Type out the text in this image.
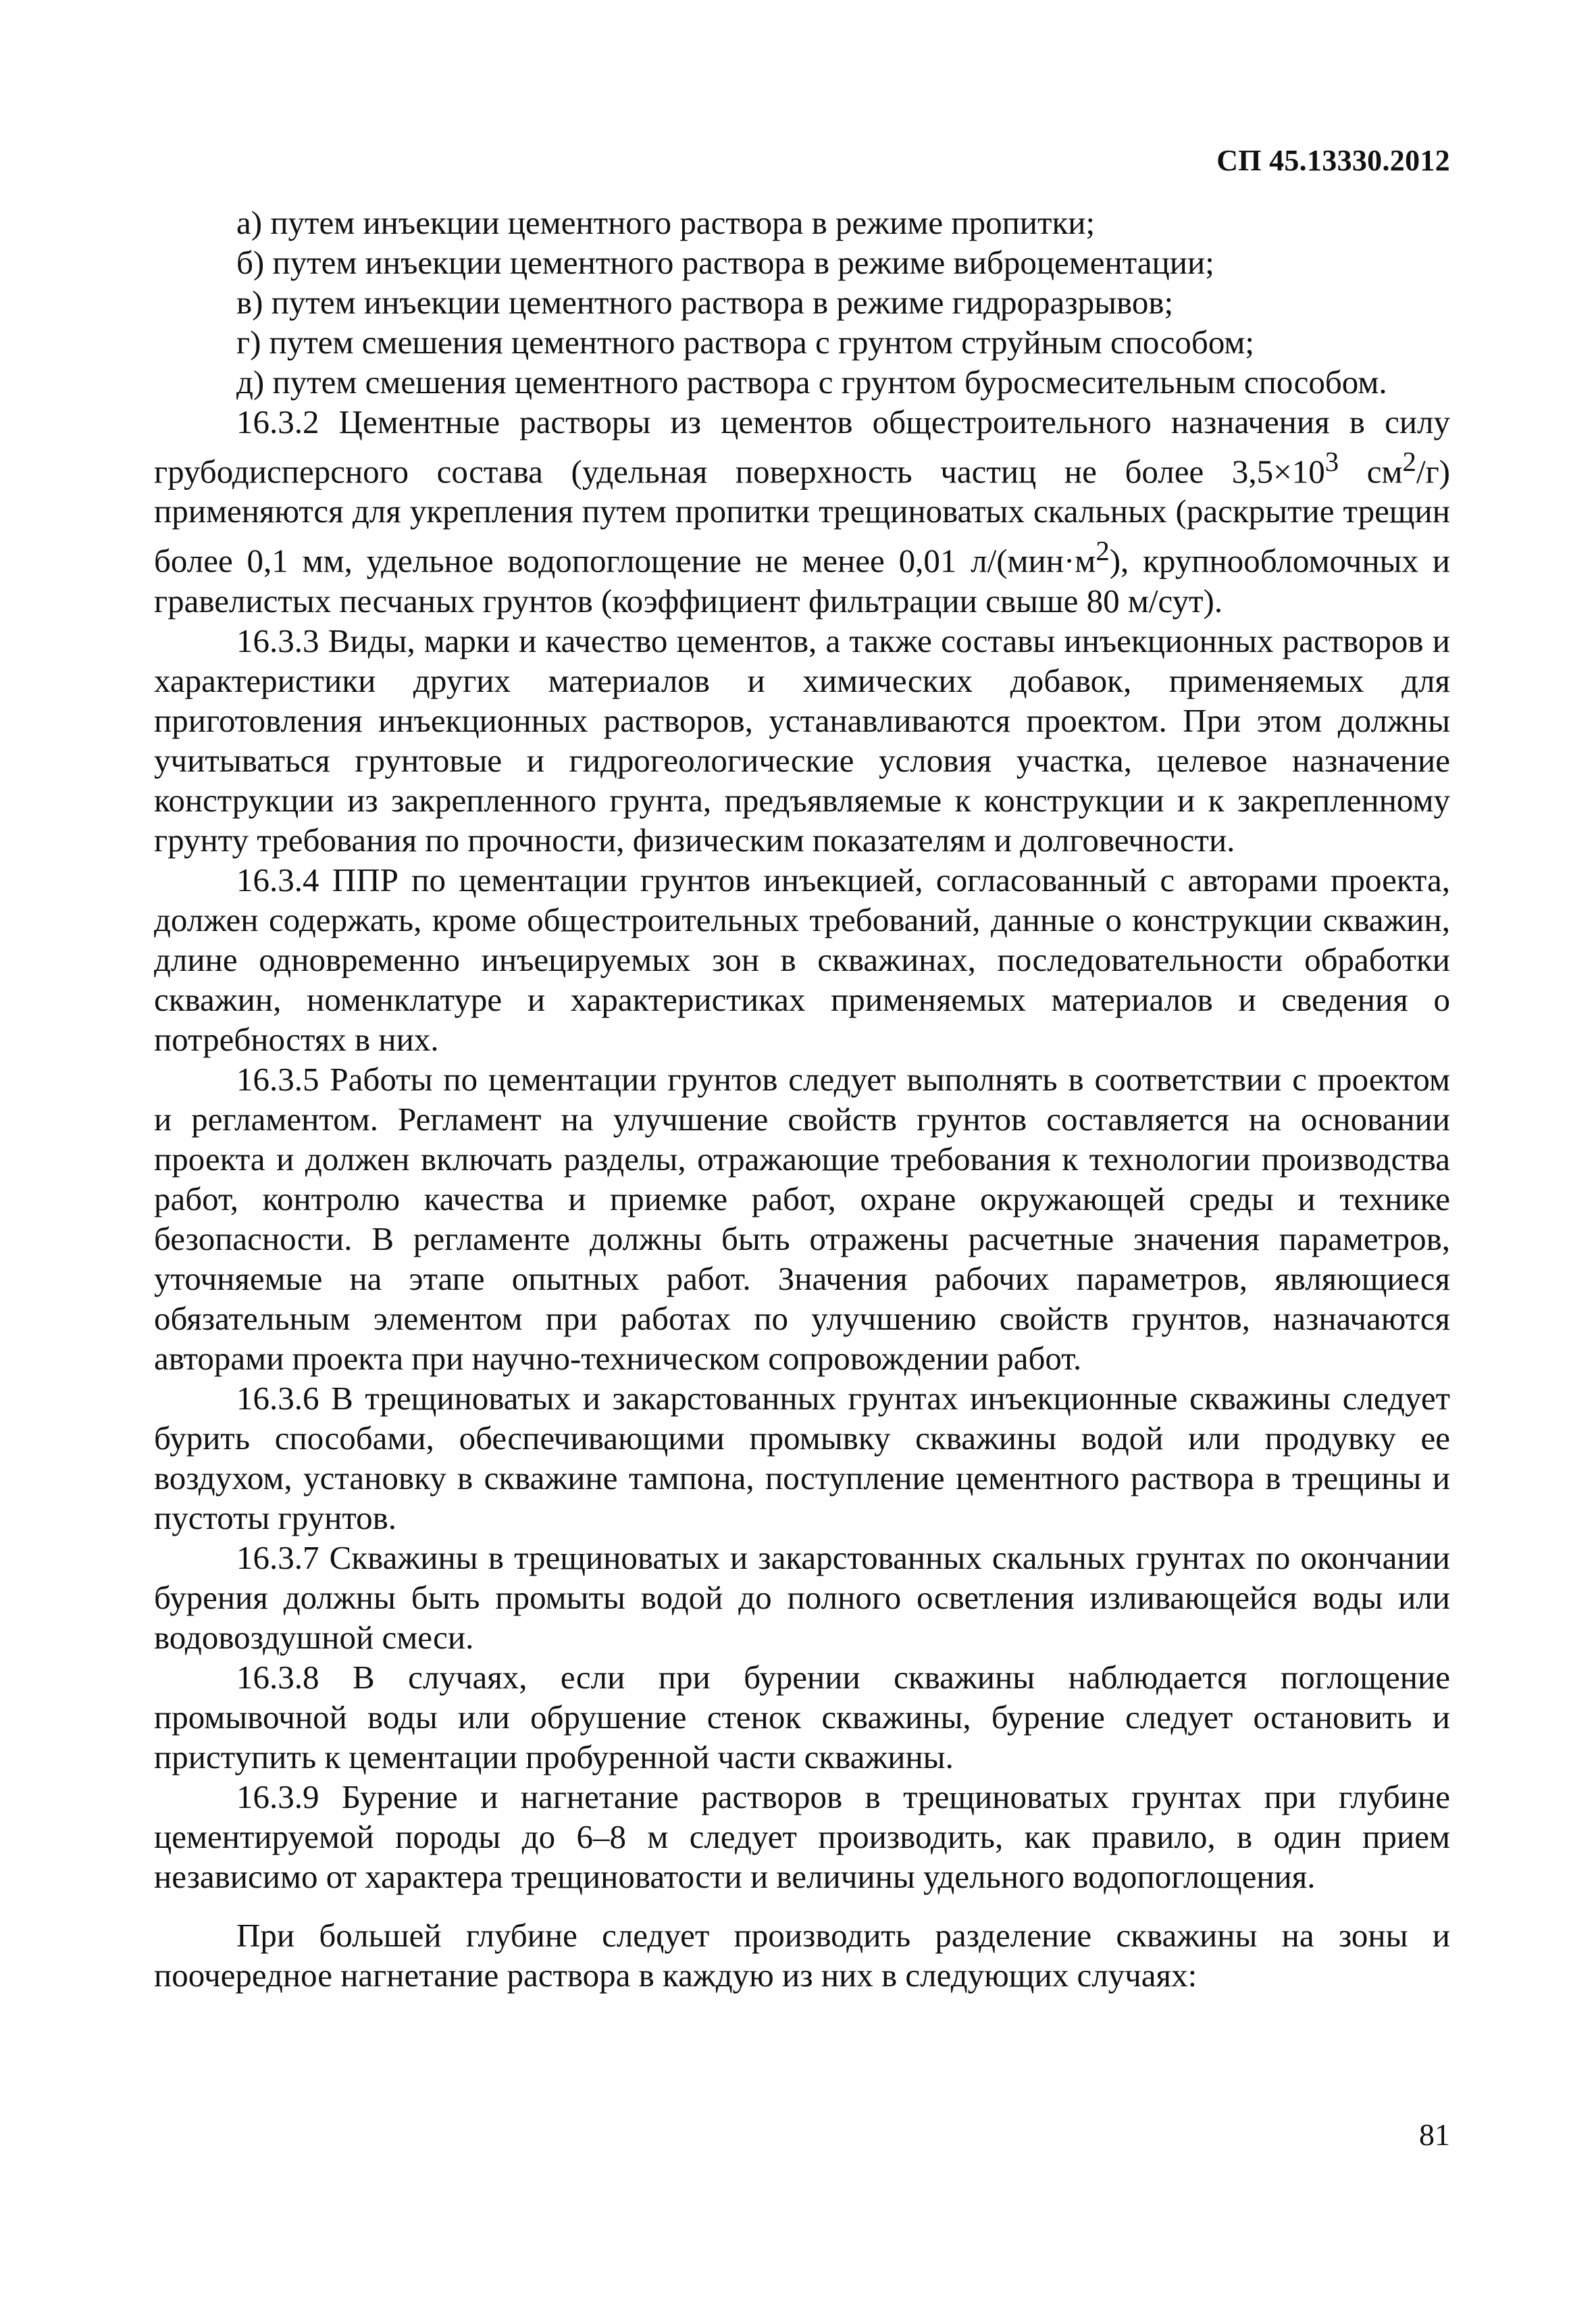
СП 45.13330.2012

а) путем инъекции цементного раствора в режиме пропитки;

б) путем инъекции цементного раствора в режиме виброцементации;

в) путем инъекции цементного раствора в режиме гидроразрывов;

г) путем смешения цементного раствора с грунтом струйным способом;

д) путем смешения цементного раствора с грунтом буросмесительным способом.

16.3.2 Цементные растворы из цементов общестроительного назначения в силу грубодисперсного состава (удельная поверхность частиц не более $3,5\times 10^3$ $см^2/г$) применяются для укрепления путем пропитки трещиноватых скальных (раскрытие трещин более 0,1 мм, удельное водопоглощение не менее 0,01 $л/(мин\cdot м^2)$, крупнообломочных и гравелистых песчаных грунтов (коэффициент фильтрации свыше 80 м/сут).

16.3.3 Виды, марки и качество цементов, а также составы инъекционных растворов и характеристики других материалов и химических добавок, применяемых для приготовления инъекционных растворов, устанавливаются проектом. При этом должны учитываться грунтовые и гидрогеологические условия участка, целевое назначение конструкции из закрепленного грунта, предъявляемые к конструкции и к закрепленному грунту требования по прочности, физическим показателям и долговечности.

16.3.4 ППР по цементации грунтов инъекцией, согласованный с авторами проекта, должен содержать, кроме общестроительных требований, данные о конструкции скважин, длине одновременно инъецируемых зон в скважинах, последовательности обработки скважин, номенклатуре и характеристиках применяемых материалов и сведения о потребностях в них.

16.3.5 Работы по цементации грунтов следует выполнять в соответствии с проектом и регламентом. Регламент на улучшение свойств грунтов составляется на основании проекта и должен включать разделы, отражающие требования к технологии производства работ, контролю качества и приемке работ, охране окружающей среды и технике безопасности. В регламенте должны быть отражены расчетные значения параметров, уточняемые на этапе опытных работ. Значения рабочих параметров, являющиеся обязательным элементом при работах по улучшению свойств грунтов, назначаются авторами проекта при научно-техническом сопровождении работ.

16.3.6 В трещиноватых и закарстованных грунтах инъекционные скважины следует бурить способами, обеспечивающими промывку скважины водой или продувку ее воздухом, установку в скважине тампона, поступление цементного раствора в трещины и пустоты грунтов.

16.3.7 Скважины в трещиноватых и закарстованных скальных грунтах по окончании бурения должны быть промыты водой до полного осветления изливающейся воды или водовоздушной смеси.

16.3.8 В случаях, если при бурении скважины наблюдается поглощение промывочной воды или обрушение стенок скважины, бурение следует остановить и приступить к цементации пробуренной части скважины.

16.3.9 Бурение и нагнетание растворов в трещиноватых грунтах при глубине цементируемой породы до 6–8 м следует производить, как правило, в один прием независимо от характера трещиноватости и величины удельного водопоглощения.

При большей глубине следует производить разделение скважины на зоны и поочередное нагнетание раствора в каждую из них в следующих случаях:

81
